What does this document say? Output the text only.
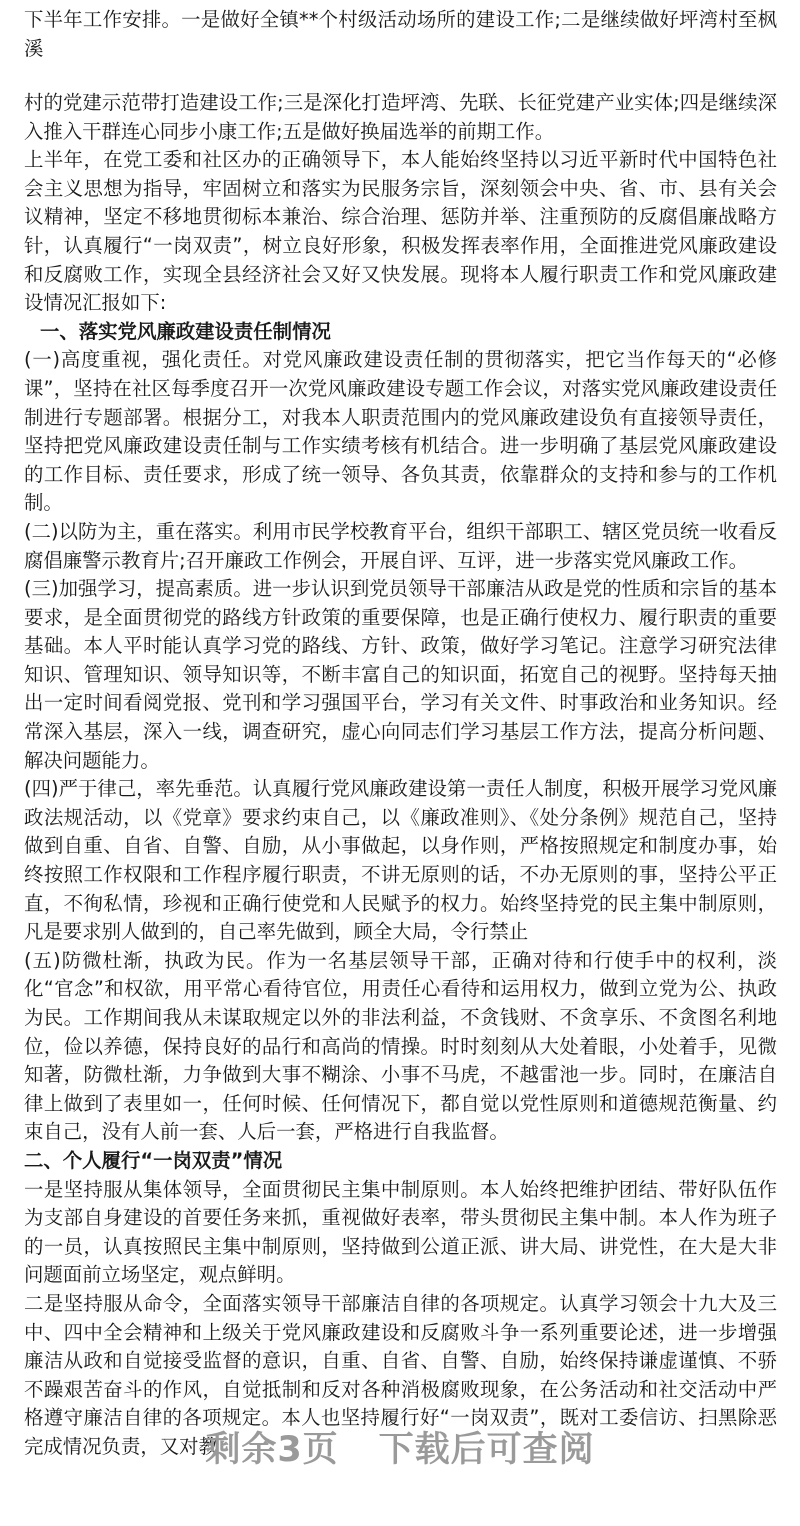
下半年工作安排。一是做好全镇**个村级活动场所的建设工作;二是继续做好坪湾村至枫溪

村的党建示范带打造建设工作;三是深化打造坪湾、先联、长征党建产业实体;四是继续深入推入干群连心同步小康工作;五是做好换届选举的前期工作。

上半年，在党工委和社区办的正确领导下，本人能始终坚持以习近平新时代中国特色社会主义思想为指导，牢固树立和落实为民服务宗旨，深刻领会中央、省、市、县有关会议精神，坚定不移地贯彻标本兼治、综合治理、惩防并举、注重预防的反腐倡廉战略方针，认真履行“一岗双责”，树立良好形象，积极发挥表率作用，全面推进党风廉政建设和反腐败工作，实现全县经济社会又好又快发展。现将本人履行职责工作和党风廉政建设情况汇报如下:

一、落实党风廉政建设责任制情况

(一)高度重视，强化责任。对党风廉政建设责任制的贯彻落实，把它当作每天的“必修课”，坚持在社区每季度召开一次党风廉政建设专题工作会议，对落实党风廉政建设责任制进行专题部署。根据分工，对我本人职责范围内的党风廉政建设负有直接领导责任，坚持把党风廉政建设责任制与工作实绩考核有机结合。进一步明确了基层党风廉政建设的工作目标、责任要求，形成了统一领导、各负其责，依靠群众的支持和参与的工作机制。

(二)以防为主，重在落实。利用市民学校教育平台，组织干部职工、辖区党员统一收看反腐倡廉警示教育片;召开廉政工作例会，开展自评、互评，进一步落实党风廉政工作。

(三)加强学习，提高素质。进一步认识到党员领导干部廉洁从政是党的性质和宗旨的基本要求，是全面贯彻党的路线方针政策的重要保障，也是正确行使权力、履行职责的重要基础。本人平时能认真学习党的路线、方针、政策，做好学习笔记。注意学习研究法律知识、管理知识、领导知识等，不断丰富自己的知识面，拓宽自己的视野。坚持每天抽出一定时间看阅党报、党刊和学习强国平台，学习有关文件、时事政治和业务知识。经常深入基层，深入一线，调查研究，虚心向同志们学习基层工作方法，提高分析问题、解决问题能力。

(四)严于律己，率先垂范。认真履行党风廉政建设第一责任人制度，积极开展学习党风廉政法规活动，以《党章》要求约束自己，以《廉政准则》、《处分条例》规范自己，坚持做到自重、自省、自警、自励，从小事做起，以身作则，严格按照规定和制度办事，始终按照工作权限和工作程序履行职责，不讲无原则的话，不办无原则的事，坚持公平正直，不徇私情，珍视和正确行使党和人民赋予的权力。始终坚持党的民主集中制原则，凡是要求别人做到的，自己率先做到，顾全大局，令行禁止

(五)防微杜渐，执政为民。作为一名基层领导干部，正确对待和行使手中的权利，淡化“官念”和权欲，用平常心看待官位，用责任心看待和运用权力，做到立党为公、执政为民。工作期间我从未谋取规定以外的非法利益，不贪钱财、不贪享乐、不贪图名利地位，俭以养德，保持良好的品行和高尚的情操。时时刻刻从大处着眼，小处着手，见微知著，防微杜渐，力争做到大事不糊涂、小事不马虎，不越雷池一步。同时，在廉洁自律上做到了表里如一，任何时候、任何情况下，都自觉以党性原则和道德规范衡量、约束自己，没有人前一套、人后一套，严格进行自我监督。

二、个人履行“一岗双责”情况

一是坚持服从集体领导，全面贯彻民主集中制原则。本人始终把维护团结、带好队伍作为支部自身建设的首要任务来抓，重视做好表率，带头贯彻民主集中制。本人作为班子的一员，认真按照民主集中制原则，坚持做到公道正派、讲大局、讲党性，在大是大非问题面前立场坚定，观点鲜明。

二是坚持服从命令，全面落实领导干部廉洁自律的各项规定。认真学习领会十九大及三中、四中全会精神和上级关于党风廉政建设和反腐败斗争一系列重要论述，进一步增强廉洁从政和自觉接受监督的意识，自重、自省、自警、自励，始终保持谦虚谨慎、不骄不躁艰苦奋斗的作风，自觉抵制和反对各种消极腐败现象，在公务活动和社交活动中严格遵守廉洁自律的各项规定。本人也坚持履行好“一岗双责”，既对工委信访、扫黑除恶完成情况负责，又对教

剩余3页 下载后可查阅
